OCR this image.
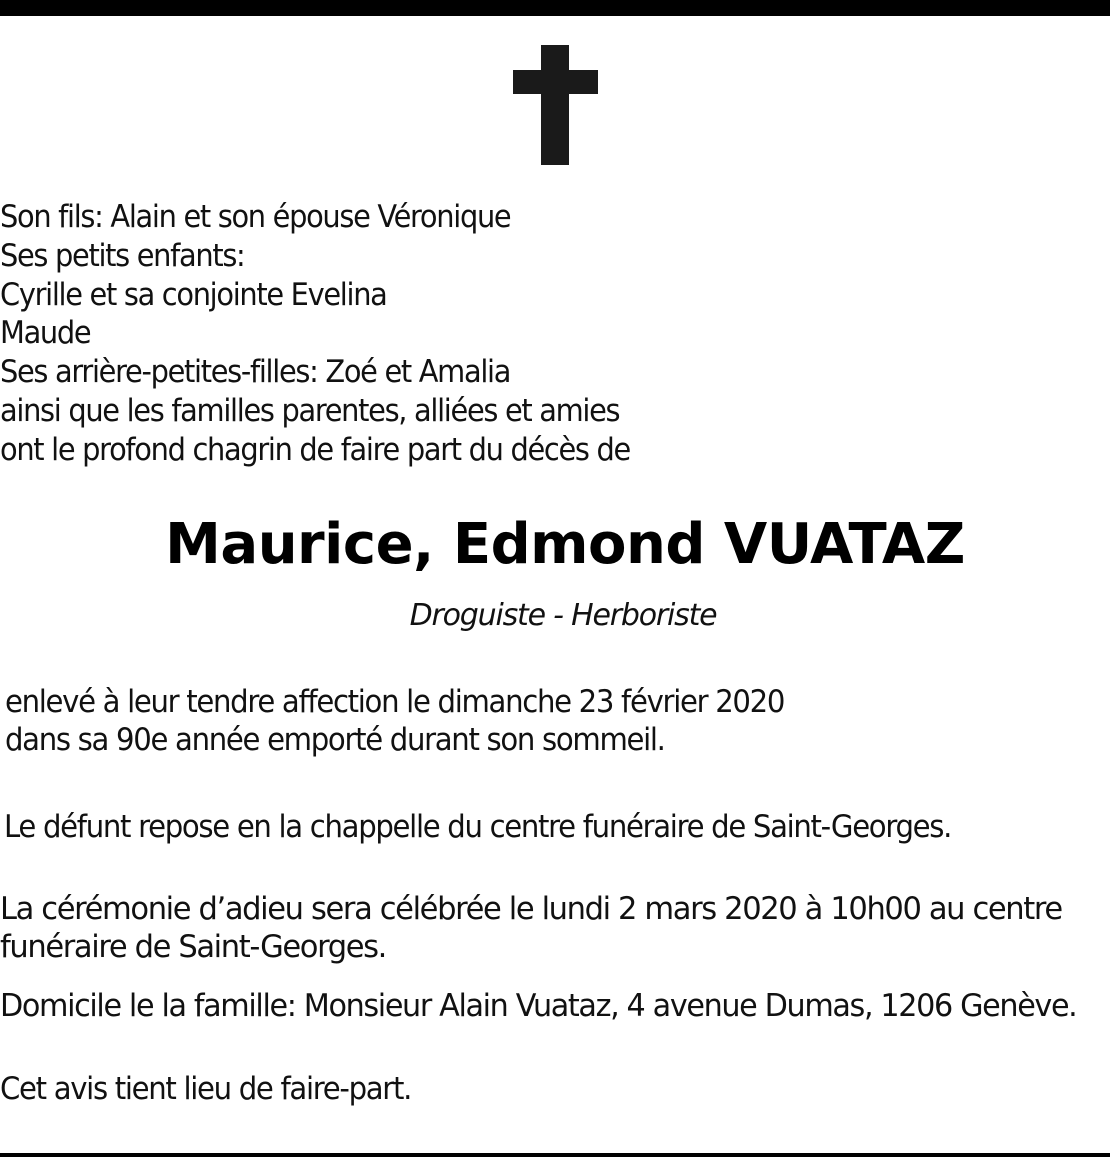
Son fils: Alain et son épouse Véronique
Ses petits enfants:
Cyrille et sa conjointe Evelina
Maude
Ses arrière-petites-filles: Zoé et Amalia
ainsi que les familles parentes, alliées et amies
ont le profond chagrin de faire part du décès de
Maurice, Edmond VUATAZ
Droguiste - Herboriste
enlevé à leur tendre affection le dimanche 23 février 2020
dans sa 90e année emporté durant son sommeil.
Le défunt repose en la chappelle du centre funéraire de Saint-Georges.
La cérémonie d’adieu sera célébrée le lundi 2 mars 2020 à 10h00 au centre
funéraire de Saint-Georges.
Domicile le la famille: Monsieur Alain Vuataz, 4 avenue Dumas, 1206 Genève.
Cet avis tient lieu de faire-part.
